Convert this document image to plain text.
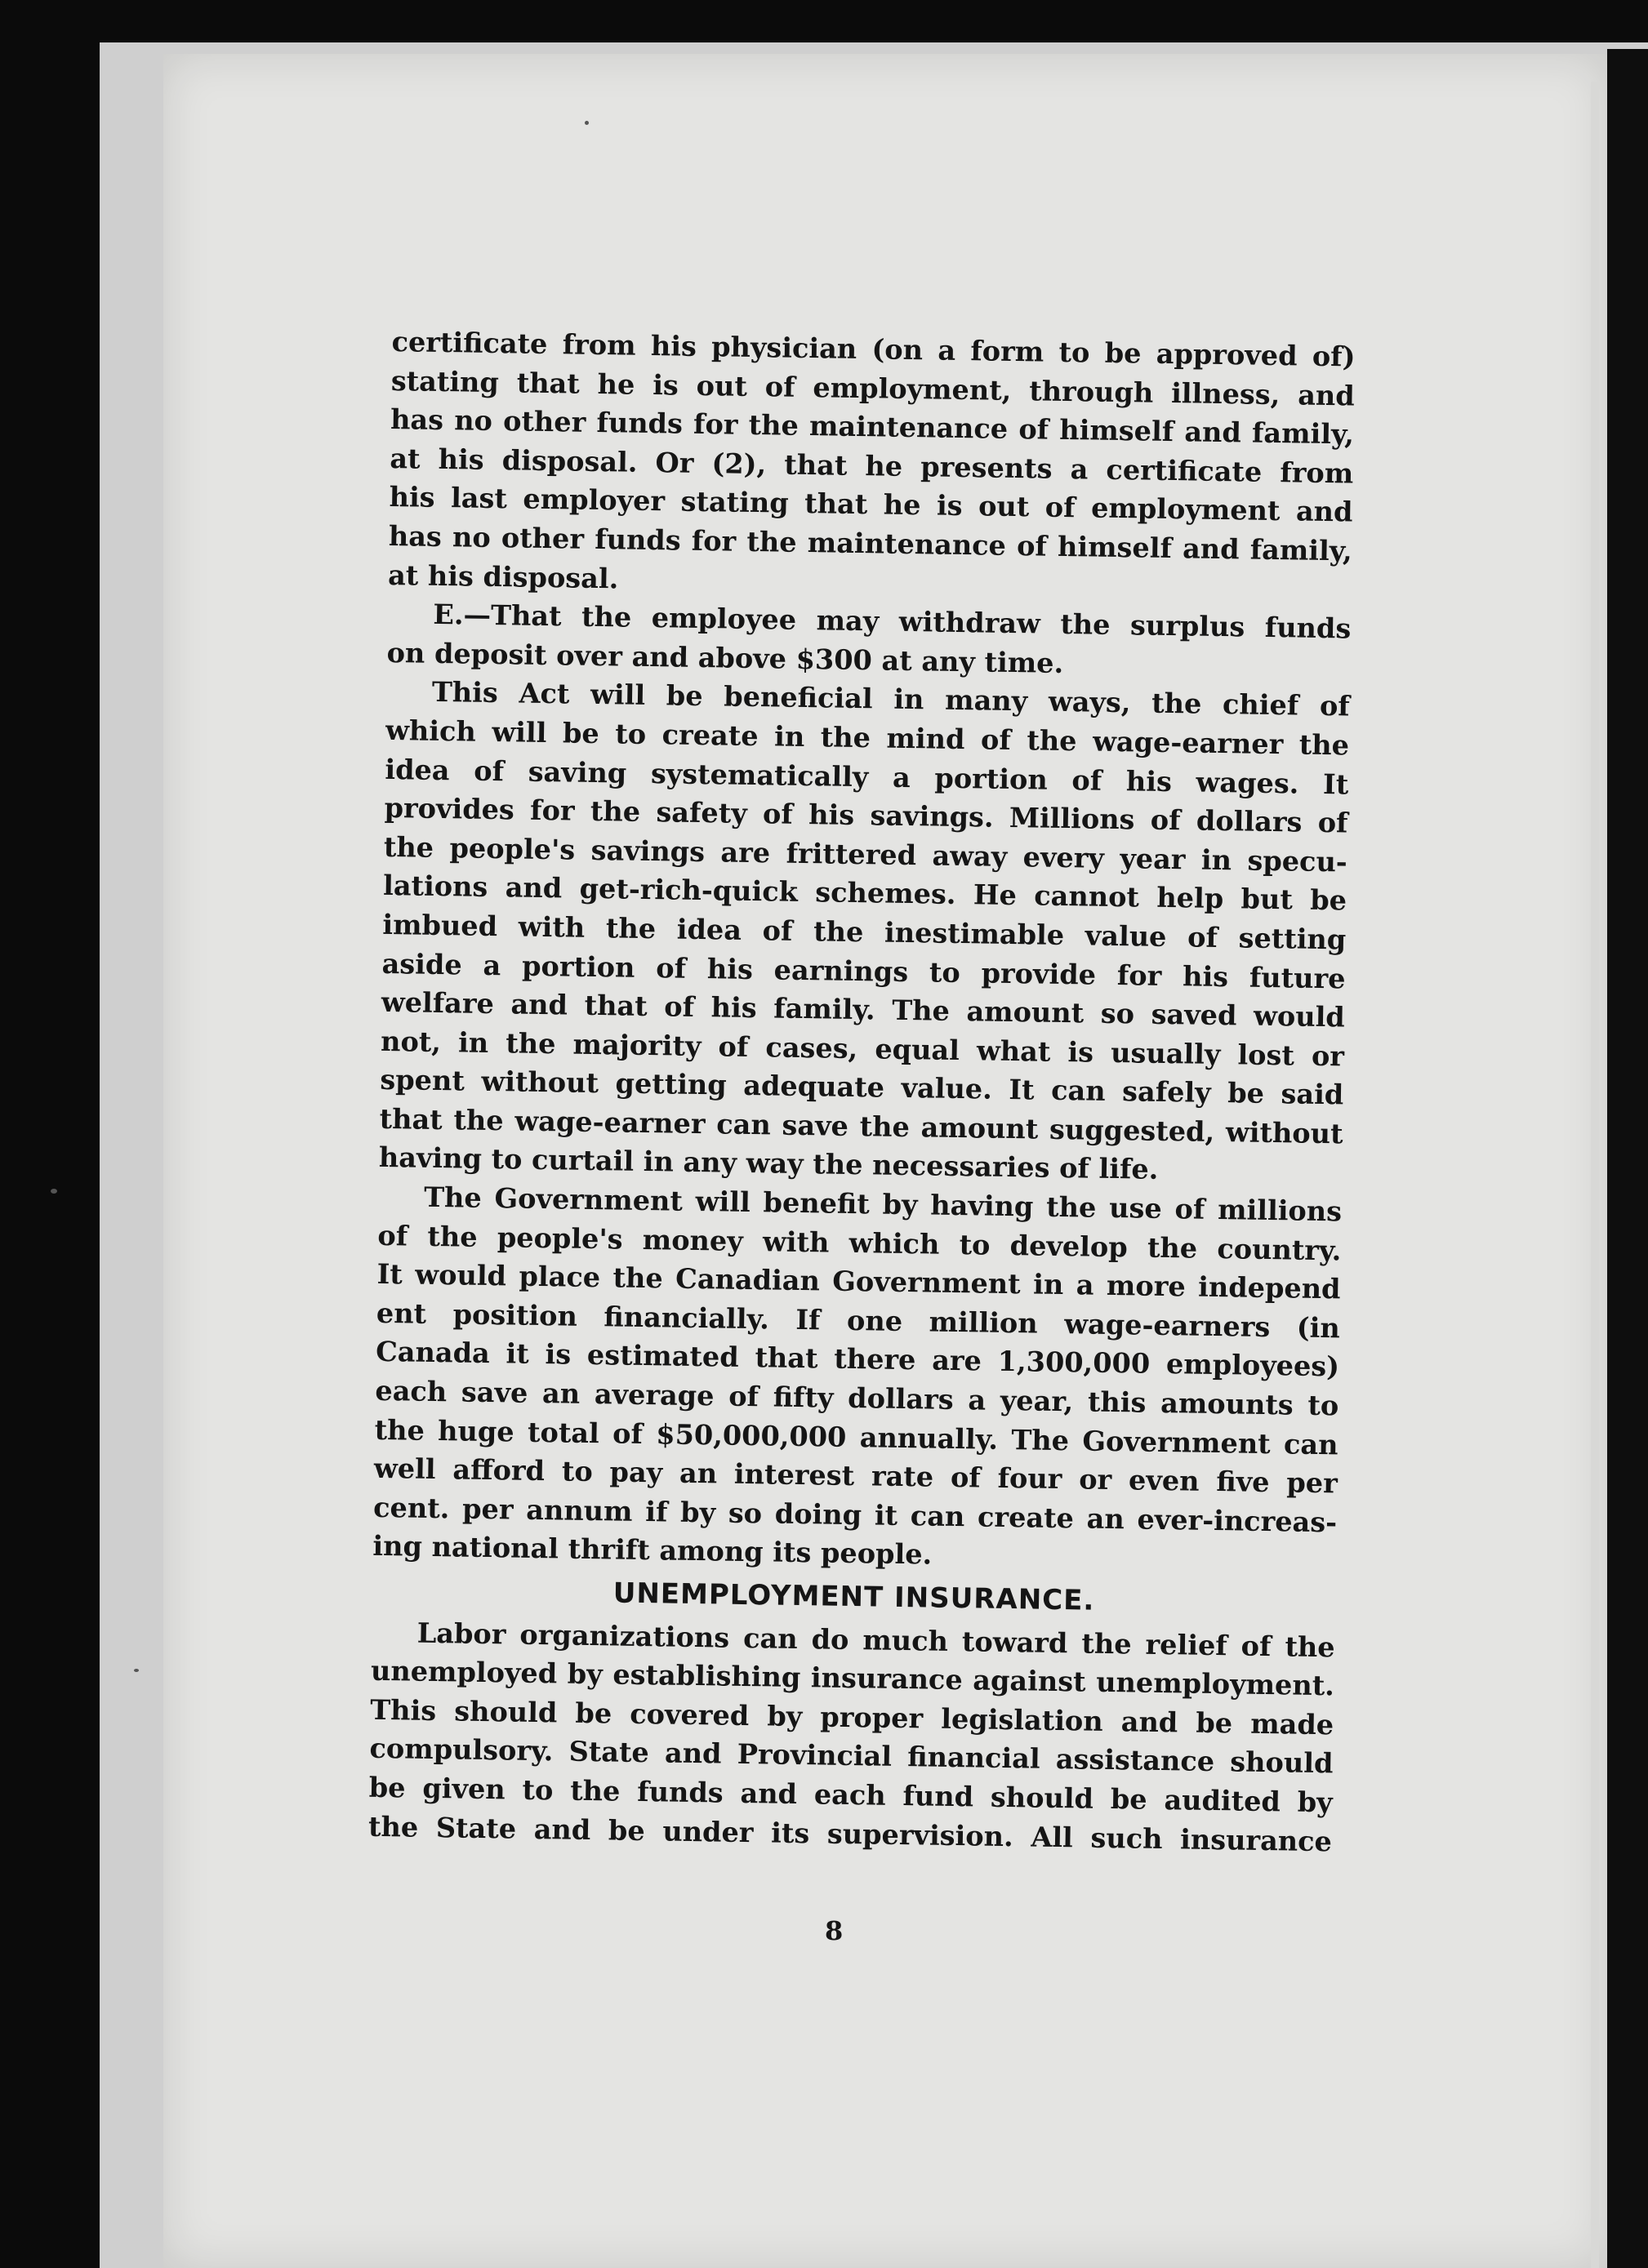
certificate from his physician (on a form to be approved of)
stating that he is out of employment, through illness, and
has no other funds for the maintenance of himself and family,
at his disposal. Or (2), that he presents a certificate from
his last employer stating that he is out of employment and
has no other funds for the maintenance of himself and family,
at his disposal.
E.—That the employee may withdraw the surplus funds
on deposit over and above $300 at any time.
This Act will be beneficial in many ways, the chief of
which will be to create in the mind of the wage-earner the
idea of saving systematically a portion of his wages. It
provides for the safety of his savings. Millions of dollars of
the people's savings are frittered away every year in specu-
lations and get-rich-quick schemes. He cannot help but be
imbued with the idea of the inestimable value of setting
aside a portion of his earnings to provide for his future
welfare and that of his family. The amount so saved would
not, in the majority of cases, equal what is usually lost or
spent without getting adequate value. It can safely be said
that the wage-earner can save the amount suggested, without
having to curtail in any way the necessaries of life.
The Government will benefit by having the use of millions
of the people's money with which to develop the country.
It would place the Canadian Government in a more independ
ent position financially. If one million wage-earners (in
Canada it is estimated that there are 1,300,000 employees)
each save an average of fifty dollars a year, this amounts to
the huge total of $50,000,000 annually. The Government can
well afford to pay an interest rate of four or even five per
cent. per annum if by so doing it can create an ever-increas-
ing national thrift among its people.
UNEMPLOYMENT INSURANCE.
Labor organizations can do much toward the relief of the
unemployed by establishing insurance against unemployment.
This should be covered by proper legislation and be made
compulsory. State and Provincial financial assistance should
be given to the funds and each fund should be audited by
the State and be under its supervision. All such insurance
8
